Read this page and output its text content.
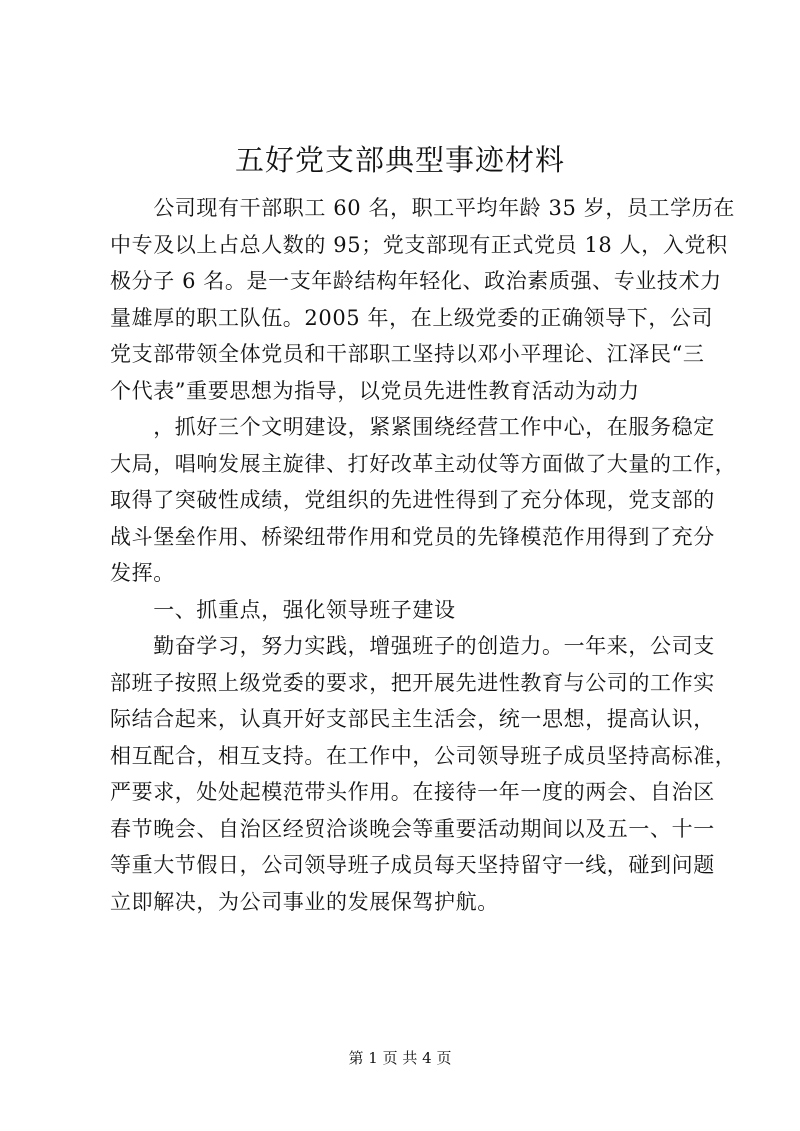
五好党支部典型事迹材料

　　公司现有干部职工 60 名，职工平均年龄 35 岁，员工学历在
中专及以上占总人数的 95；党支部现有正式党员 18 人，入党积
极分子 6 名。是一支年龄结构年轻化、政治素质强、专业技术力
量雄厚的职工队伍。2005 年，在上级党委的正确领导下，公司
党支部带领全体党员和干部职工坚持以邓小平理论、江泽民“三
个代表”重要思想为指导，以党员先进性教育活动为动力
　　，抓好三个文明建设，紧紧围绕经营工作中心，在服务稳定
大局，唱响发展主旋律、打好改革主动仗等方面做了大量的工作，
取得了突破性成绩，党组织的先进性得到了充分体现，党支部的
战斗堡垒作用、桥梁纽带作用和党员的先锋模范作用得到了充分
发挥。
　　一、抓重点，强化领导班子建设
　　勤奋学习，努力实践，增强班子的创造力。一年来，公司支
部班子按照上级党委的要求，把开展先进性教育与公司的工作实
际结合起来，认真开好支部民主生活会，统一思想，提高认识，
相互配合，相互支持。在工作中，公司领导班子成员坚持高标准，
严要求，处处起模范带头作用。在接待一年一度的两会、自治区
春节晚会、自治区经贸洽谈晚会等重要活动期间以及五一、十一
等重大节假日，公司领导班子成员每天坚持留守一线，碰到问题
立即解决，为公司事业的发展保驾护航。

第 1 页 共 4 页
